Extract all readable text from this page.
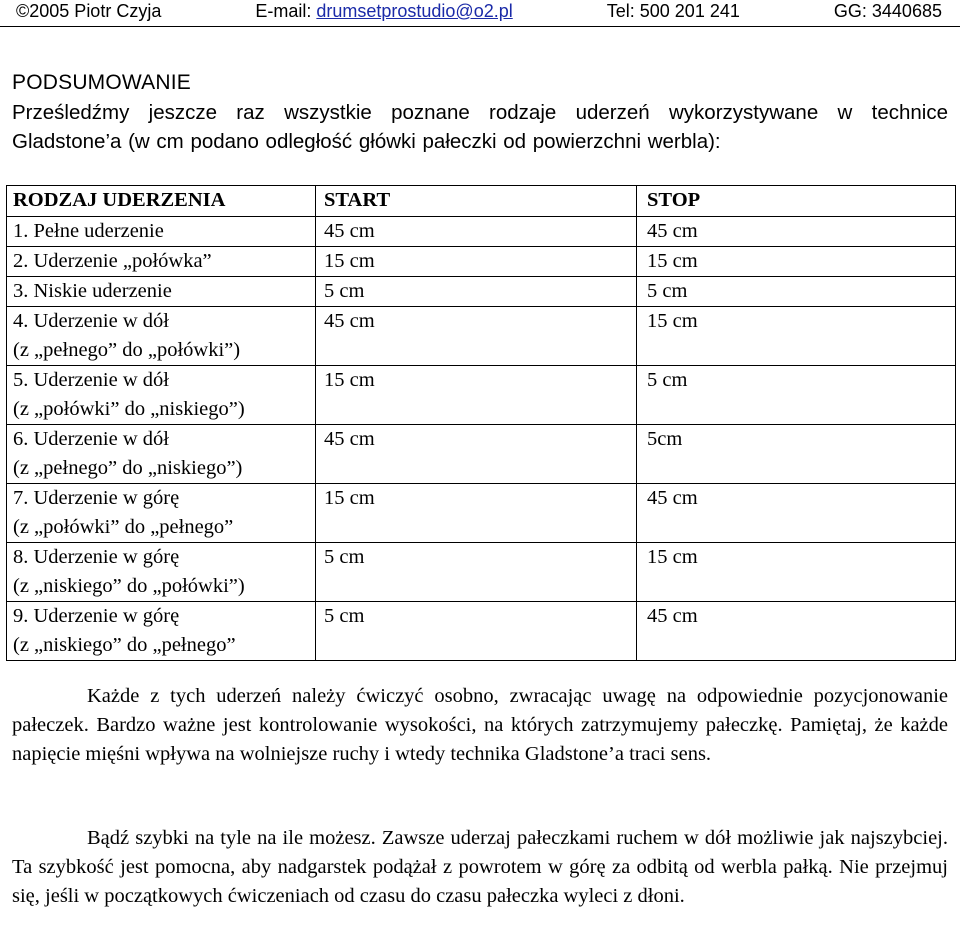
©2005 Piotr Czyja	E-mail: drumsetprostudio@o2.pl	Tel: 500 201 241	GG: 3440685
PODSUMOWANIE

Prześledźmy jeszcze raz wszystkie poznane rodzaje uderzeń wykorzystywane w technice Gladstone’a (w cm podano odległość główki pałeczki od powierzchni werbla):

RODZAJ UDERZENIA	START	STOP

1. Pełne uderzenie	45 cm	45 cm

2. Uderzenie „połówka”	15 cm	15 cm

3. Niskie uderzenie	5 cm	5 cm

4. Uderzenie w dół
(z „pełnego” do „połówki”)	45 cm	15 cm

5. Uderzenie w dół
(z „połówki” do „niskiego”)	15 cm	5 cm

6. Uderzenie w dół
(z „pełnego” do „niskiego”)	45 cm	5cm

7. Uderzenie w górę
(z „połówki” do „pełnego”	15 cm	45 cm

8. Uderzenie w górę
(z „niskiego” do „połówki”)	5 cm	15 cm

9. Uderzenie w górę
(z „niskiego” do „pełnego”	5 cm	45 cm

Każde z tych uderzeń należy ćwiczyć osobno, zwracając uwagę na odpowiednie pozycjonowanie pałeczek. Bardzo ważne jest kontrolowanie wysokości, na których zatrzymujemy pałeczkę. Pamiętaj, że każde napięcie mięśni wpływa na wolniejsze ruchy i wtedy technika Gladstone’a traci sens.

Bądź szybki na tyle na ile możesz. Zawsze uderzaj pałeczkami ruchem w dół możliwie jak najszybciej. Ta szybkość jest pomocna, aby nadgarstek podążał z powrotem w górę za odbitą od werbla pałką. Nie przejmuj się, jeśli w początkowych ćwiczeniach od czasu do czasu pałeczka wyleci z dłoni.
